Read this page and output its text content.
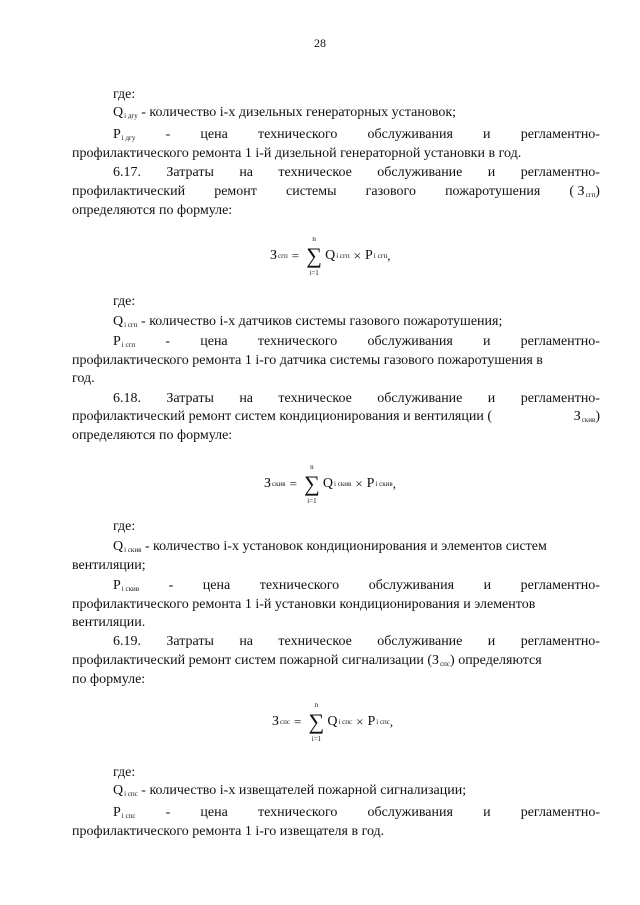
28
где:
$Q_{i дгу}$ - количество i-х дизельных генераторных установок;
$P_{i дгу}$ - цена технического обслуживания и регламентно-
профилактического ремонта 1 i-й дизельной генераторной установки в год.
6.17. Затраты на техническое обслуживание и регламентно-
профилактический ремонт системы газового пожаротушения ( $З_{сгп}$)
определяются по формуле:
З сгп = ∑
n
i=1
Q i сгп × P i сгп ,
где:
$Q_{i сгп}$ - количество i-х датчиков системы газового пожаротушения;
$P_{i сгп}$ - цена технического обслуживания и регламентно-
профилактического ремонта 1 i-го датчика системы газового пожаротушения в
год.
6.18. Затраты на техническое обслуживание и регламентно-
профилактический ремонт систем кондиционирования и вентиляции (	$З_{скив}$)
определяются по формуле:
З скив = ∑
n
i=1
Q i скив × P i скив ,
где:
$Q_{i скив}$ - количество i-х установок кондиционирования и элементов систем
вентиляции;
$P_{i скив}$ - цена технического обслуживания и регламентно-
профилактического ремонта 1 i-й установки кондиционирования и элементов
вентиляции.
6.19. Затраты на техническое обслуживание и регламентно-
профилактический ремонт систем пожарной сигнализации $(З_{спс})$ определяются
по формуле:
З спс = ∑
n
i=1
Q i спс × P i спс ,
где:
$Q_{i спс}$ - количество i-х извещателей пожарной сигнализации;
$P_{i спс}$ - цена технического обслуживания и регламентно-
профилактического ремонта 1 i-го извещателя в год.
